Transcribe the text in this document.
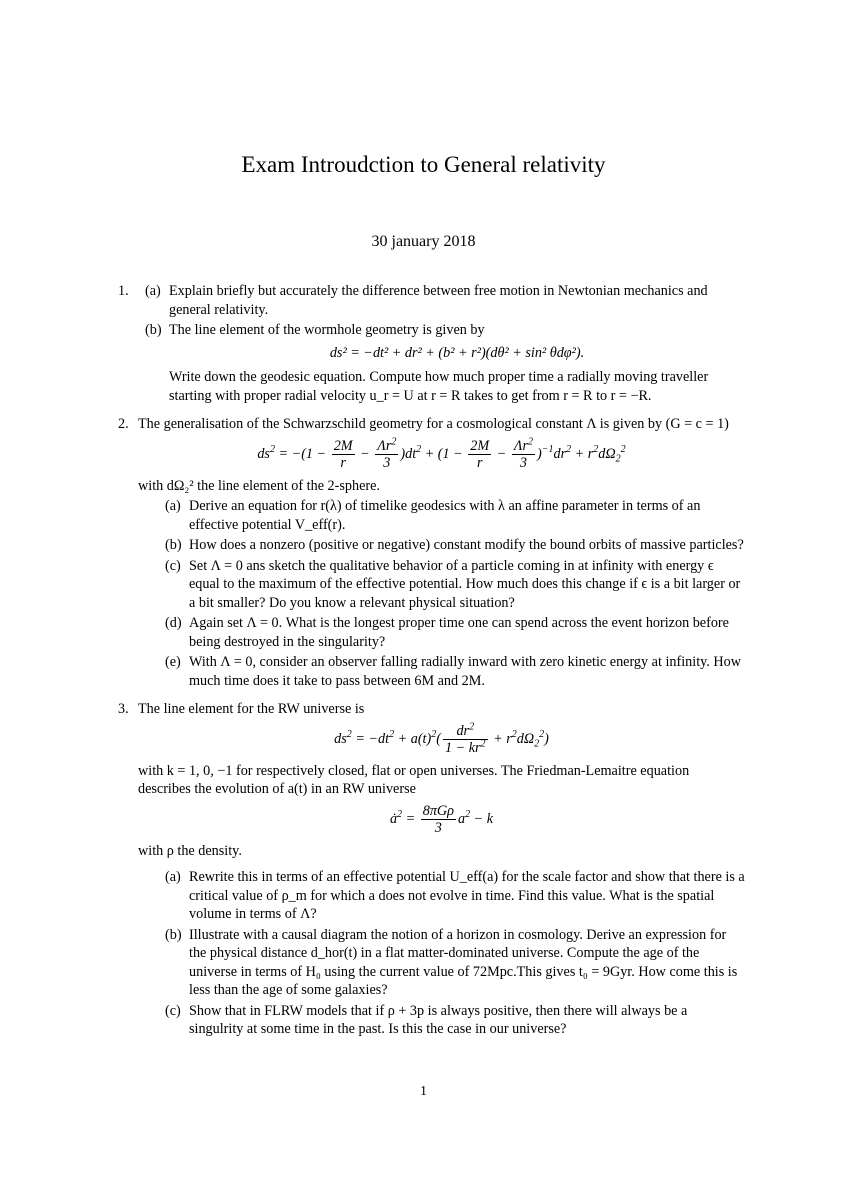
Exam Introudction to General relativity
30 january 2018
1. (a) Explain briefly but accurately the difference between free motion in Newtonian mechanics and general relativity.
(b) The line element of the wormhole geometry is given by
ds² = −dt² + dr² + (b² + r²)(dθ² + sin² θdφ²).
Write down the geodesic equation. Compute how much proper time a radially moving traveller starting with proper radial velocity u_r = U at r = R takes to get from r = R to r = −R.
2. The generalisation of the Schwarzschild geometry for a cosmological constant Λ is given by (G = c = 1)
$ds^2 = -(1 - \frac{2M}{r} - \frac{\Lambda r^2}{3} )dt^2 + (1 - \frac{2M}{r} - \frac{\Lambda r^2}{3} )^{-1}dr^2 + r^2d\Omega_2^2$
with dΩ₂² the line element of the 2-sphere.
(a) Derive an equation for r(λ) of timelike geodesics with λ an affine parameter in terms of an effective potential V_eff(r).
(b) How does a nonzero (positive or negative) constant modify the bound orbits of massive particles?
(c) Set Λ = 0 ans sketch the qualitative behavior of a particle coming in at infinity with energy ϵ equal to the maximum of the effective potential. How much does this change if ϵ is a bit larger or a bit smaller? Do you know a relevant physical situation?
(d) Again set Λ = 0. What is the longest proper time one can spend across the event horizon before being destroyed in the singularity?
(e) With Λ = 0, consider an observer falling radially inward with zero kinetic energy at infinity. How much time does it take to pass between 6M and 2M.
3. The line element for the RW universe is
$ds^2 = -dt^2 + a(t)^2( \frac{dr^2}{1 - kr^2} + r^2d\Omega_2^2)$
with k = 1, 0, −1 for respectively closed, flat or open universes. The Friedman-Lemaitre equation describes the evolution of a(t) in an RW universe
$ȧ^2 = \frac{\text{8πGρ}}{3} a^2 - k$
with ρ the density.
(a) Rewrite this in terms of an effective potential U_eff(a) for the scale factor and show that there is a critical value of ρ_m for which a does not evolve in time. Find this value. What is the spatial volume in terms of Λ?
(b) Illustrate with a causal diagram the notion of a horizon in cosmology. Derive an expression for the physical distance d_hor(t) in a flat matter-dominated universe. Compute the age of the universe in terms of H₀ using the current value of 72Mpc.This gives t₀ = 9Gyr. How come this is less than the age of some galaxies?
(c) Show that in FLRW models that if ρ + 3p is always positive, then there will always be a singulrity at some time in the past. Is this the case in our universe?
1
